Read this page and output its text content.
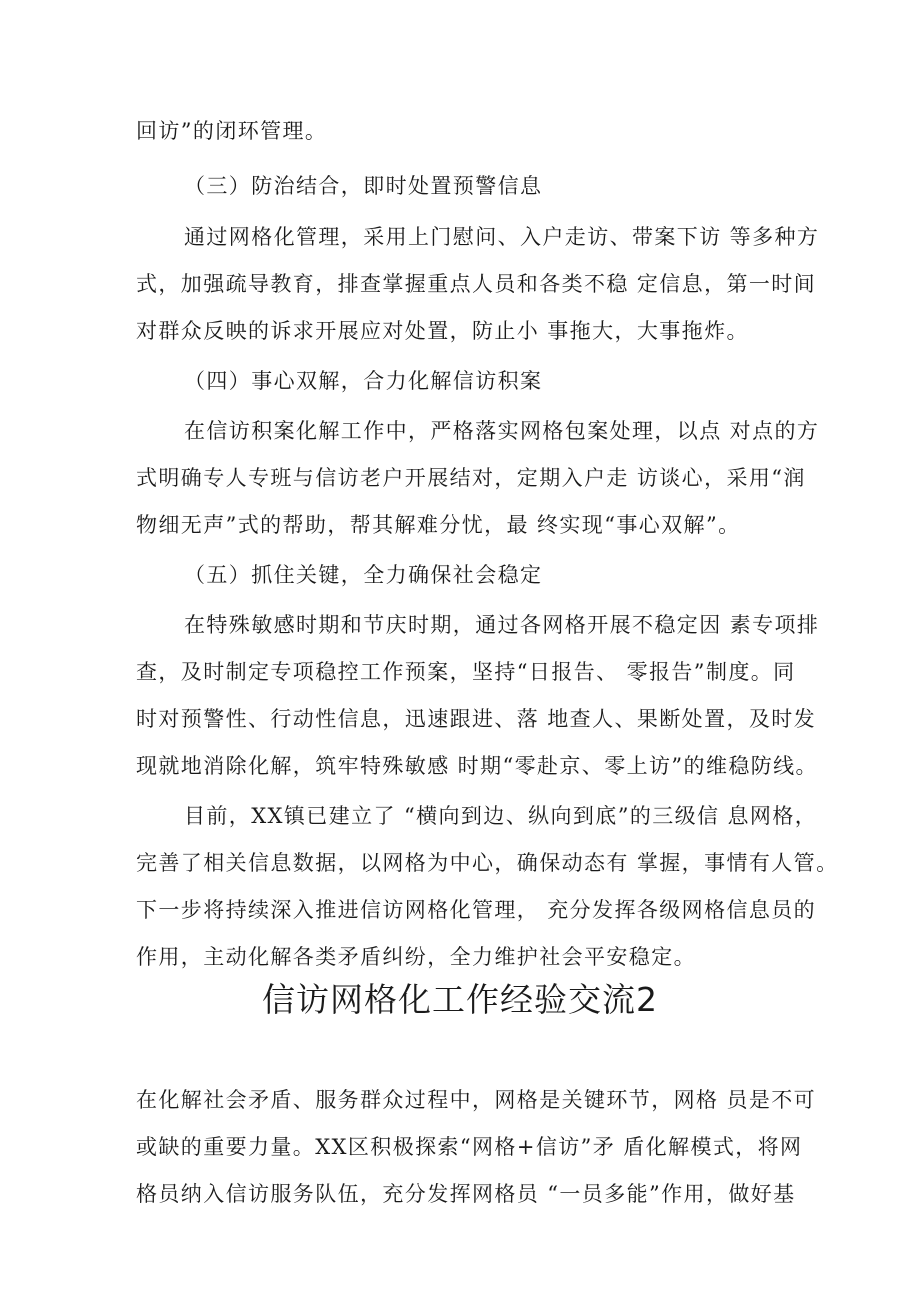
回访”的闭环管理。
（三）防治结合，即时处置预警信息
通过网格化管理，采用上门慰问、入户走访、带案下访 等多种方
式，加强疏导教育，排查掌握重点人员和各类不稳 定信息，第一时间
对群众反映的诉求开展应对处置，防止小 事拖大，大事拖炸。
（四）事心双解，合力化解信访积案
在信访积案化解工作中，严格落实网格包案处理，以点 对点的方
式明确专人专班与信访老户开展结对，定期入户走 访谈心，采用“润
物细无声”式的帮助，帮其解难分忧，最 终实现“事心双解”。
（五）抓住关键，全力确保社会稳定
在特殊敏感时期和节庆时期，通过各网格开展不稳定因 素专项排
查，及时制定专项稳控工作预案，坚持“日报告、 零报告”制度。同
时对预警性、行动性信息，迅速跟进、落 地查人、果断处置，及时发
现就地消除化解，筑牢特殊敏感 时期“零赴京、零上访”的维稳防线。
目前，XX镇已建立了 “横向到边、纵向到底”的三级信 息网格，
完善了相关信息数据，以网格为中心，确保动态有 掌握，事情有人管。
下一步将持续深入推进信访网格化管理， 充分发挥各级网格信息员的
作用，主动化解各类矛盾纠纷，全力维护社会平安稳定。
信访网格化工作经验交流2
在化解社会矛盾、服务群众过程中，网格是关键环节，网格 员是不可
或缺的重要力量。XX区积极探索“网格+信访”矛 盾化解模式，将网
格员纳入信访服务队伍，充分发挥网格员 “一员多能”作用，做好基
